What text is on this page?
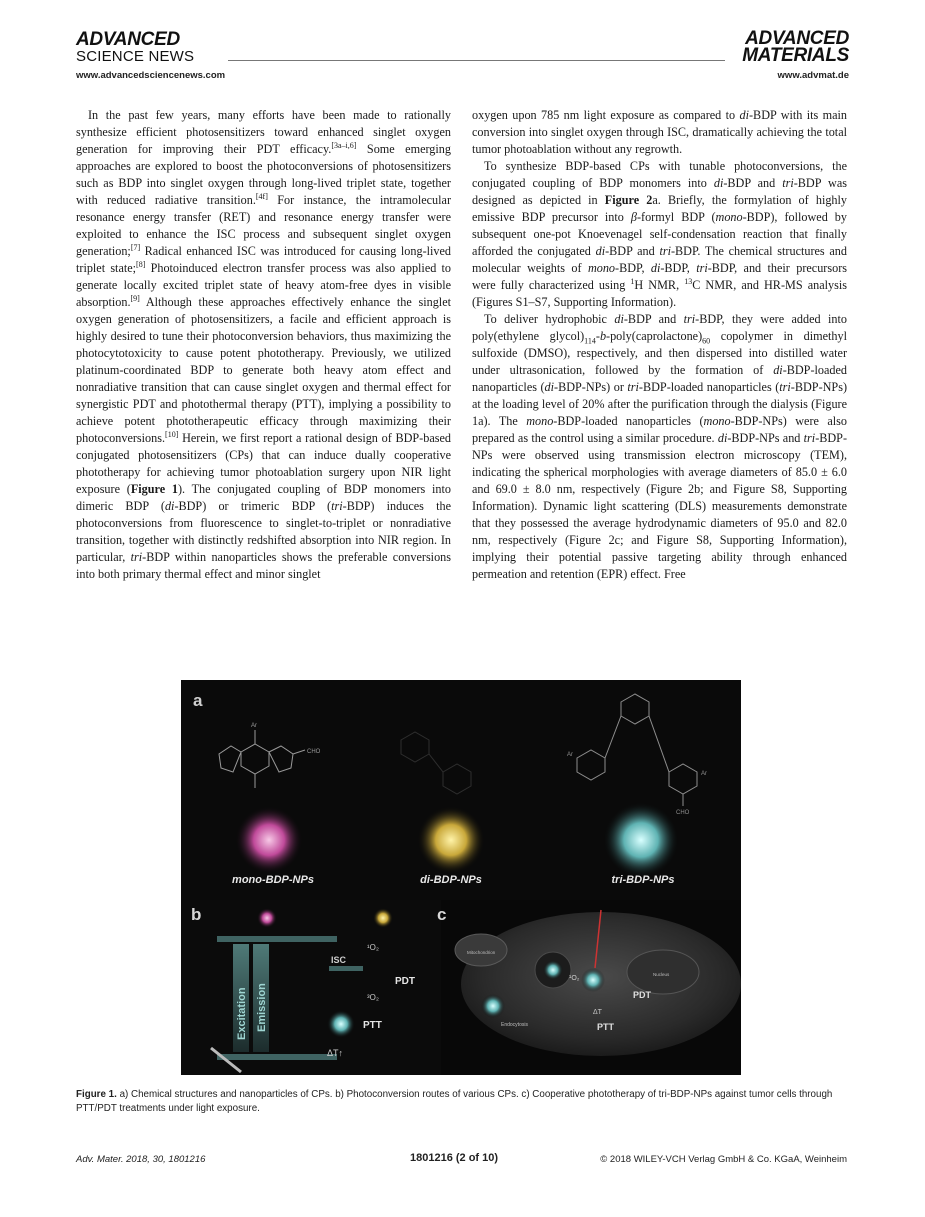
ADVANCED
SCIENCE NEWS
ADVANCED
MATERIALS
www.advancedsciencenews.com	www.advmat.de

In the past few years, many efforts have been made to rationally synthesize efficient photosensitizers toward enhanced singlet oxygen generation for improving their PDT efficacy.[3a–i,6] Some emerging approaches are explored to boost the photoconversions of photosensitizers such as BDP into singlet oxygen through long-lived triplet state, together with reduced radiative transition.[4f] For instance, the intramolecular resonance energy transfer (RET) and resonance energy transfer were exploited to enhance the ISC process and subsequent singlet oxygen generation;[7] Radical enhanced ISC was introduced for causing long-lived triplet state;[8] Photoinduced electron transfer process was also applied to generate locally excited triplet state of heavy atom-free dyes in visible absorption.[9] Although these approaches effectively enhance the singlet oxygen generation of photosensitizers, a facile and efficient approach is highly desired to tune their photoconversion behaviors, thus maximizing the photocytotoxicity to cause potent phototherapy. Previously, we utilized platinum-coordinated BDP to generate both heavy atom effect and nonradiative transition that can cause singlet oxygen and thermal effect for synergistic PDT and photothermal therapy (PTT), implying a possibility to achieve potent phototherapeutic efficacy through maximizing their photoconversions.[10] Herein, we first report a rational design of BDP-based conjugated photosensitizers (CPs) that can induce dually cooperative phototherapy for achieving tumor photoablation surgery upon NIR light exposure (Figure 1). The conjugated coupling of BDP monomers into dimeric BDP (di-BDP) or trimeric BDP (tri-BDP) induces the photoconversions from fluorescence to singlet-to-triplet or nonradiative transition, together with distinctly redshifted absorption into NIR region. In particular, tri-BDP within nanoparticles shows the preferable conversions into both primary thermal effect and minor singlet

oxygen upon 785 nm light exposure as compared to di-BDP with its main conversion into singlet oxygen through ISC, dramatically achieving the total tumor photoablation without any regrowth.

To synthesize BDP-based CPs with tunable photoconversions, the conjugated coupling of BDP monomers into di-BDP and tri-BDP was designed as depicted in Figure 2a. Briefly, the formylation of highly emissive BDP precursor into β-formyl BDP (mono-BDP), followed by subsequent one-pot Knoevenagel self-condensation reaction that finally afforded the conjugated di-BDP and tri-BDP. The chemical structures and molecular weights of mono-BDP, di-BDP, tri-BDP, and their precursors were fully characterized using $^1$H NMR, $^{13}$C NMR, and HR-MS analysis (Figures S1–S7, Supporting Information).

To deliver hydrophobic di-BDP and tri-BDP, they were added into poly(ethylene $glycol)_{114}-b-poly(caprolactone)_{60}$ copolymer in dimethyl sulfoxide (DMSO), respectively, and then dispersed into distilled water under ultrasonication, followed by the formation of di-BDP-loaded nanoparticles (di-BDP-NPs) or tri-BDP-loaded nanoparticles (tri-BDP-NPs) at the loading level of 20% after the purification through the dialysis (Figure 1a). The mono-BDP-loaded nanoparticles (mono-BDP-NPs) were also prepared as the control using a similar procedure. di-BDP-NPs and tri-BDP-NPs were observed using transmission electron microscopy (TEM), indicating the spherical morphologies with average diameters of 85.0 ± 6.0 and 69.0 ± 8.0 nm, respectively (Figure 2b; and Figure S8, Supporting Information). Dynamic light scattering (DLS) measurements demonstrate that they possessed the average hydrodynamic diameters of 95.0 and 82.0 nm, respectively (Figure 2c; and Figure S8, Supporting Information), implying their potential passive targeting ability through enhanced permeation and retention (EPR) effect. Free

a
CHO
Ar
Ar
Ar
CHO
mono-BDP-NPs	di-BDP-NPs	tri-BDP-NPs
b
Excitation Emission
ISC
¹O₂
³O₂
PDT
PTT
ΔT↑
c
Mitochondrion
Nucleus
Endocytosis
¹O₂
PDT
PTT
ΔT
Figure 1. a) Chemical structures and nanoparticles of CPs. b) Photoconversion routes of various CPs. c) Cooperative phototherapy of tri-BDP-NPs against tumor cells through PTT/PDT treatments under light exposure.
Adv. Mater. 2018, 30, 1801216	1801216 (2 of 10)	© 2018 WILEY-VCH Verlag GmbH & Co. KGaA, Weinheim
